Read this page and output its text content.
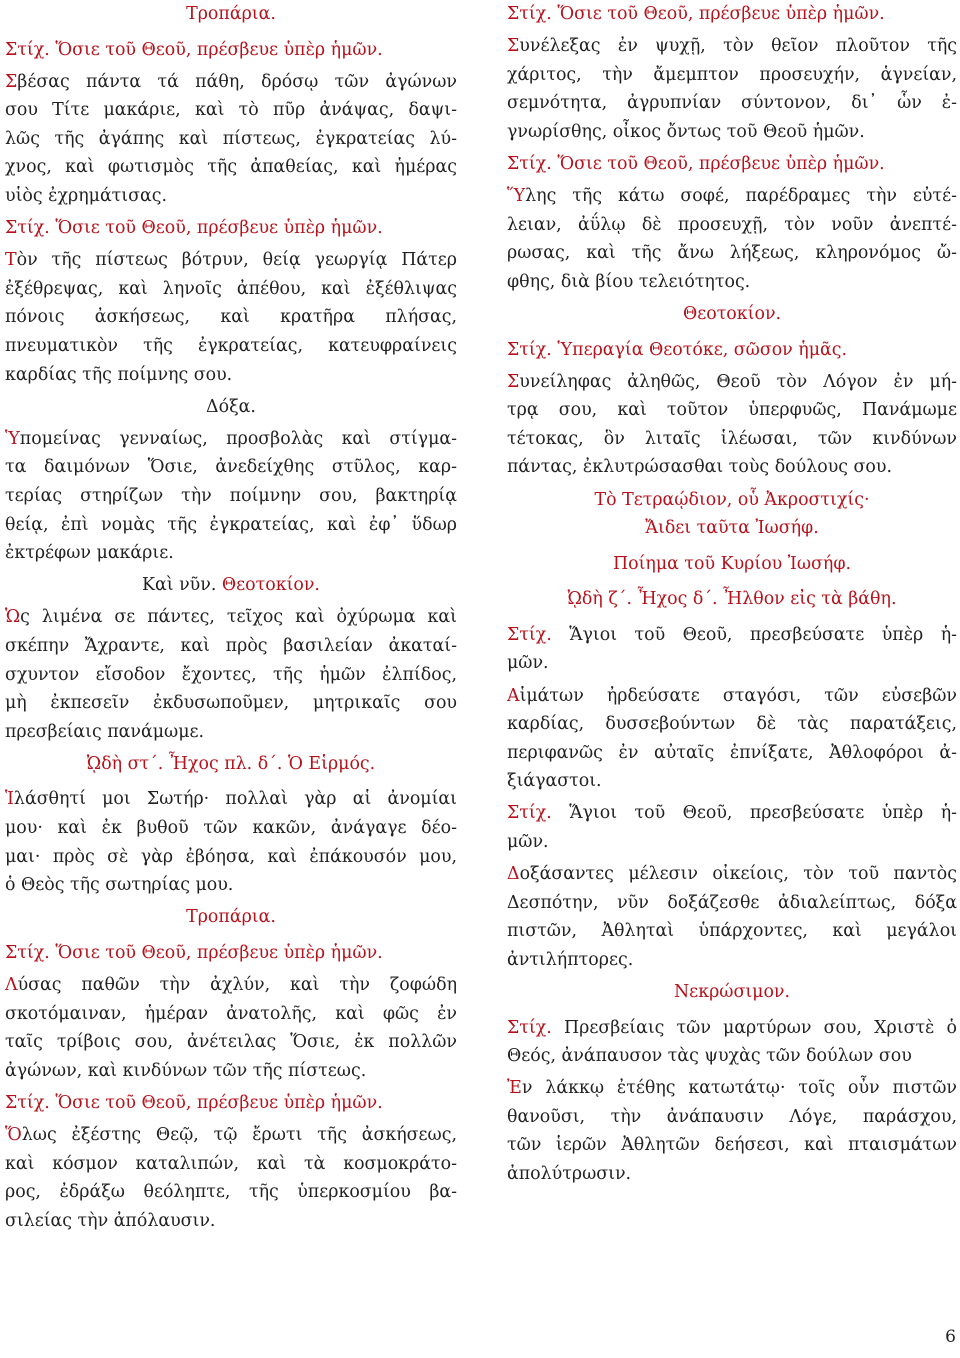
Τροπάρια.
Στίχ. Ὅσιε τοῦ Θεοῦ, πρέσβευε ὑπὲρ ἡμῶν.
Σβέσας πάντα τά πάθη, δρόσῳ τῶν ἀγώνων
σου Τίτε μακάριε, καὶ τὸ πῦρ ἀνάψας, δαψι-
λῶς τῆς ἀγάπης καὶ πίστεως, ἐγκρατείας λύ-
χνος, καὶ φωτισμὸς τῆς ἀπαθείας, καὶ ἡμέρας
υἱὸς ἐχρημάτισας.
Στίχ. Ὅσιε τοῦ Θεοῦ, πρέσβευε ὑπὲρ ἡμῶν.
Τὸν τῆς πίστεως βότρυν, θείᾳ γεωργίᾳ Πάτερ
ἐξέθρεψας, καὶ ληνοῖς ἀπέθου, καὶ ἐξέθλιψας
πόνοις ἀσκήσεως, καὶ κρατῆρα πλήσας,
πνευματικὸν τῆς ἐγκρατείας, κατευφραίνεις
καρδίας τῆς ποίμνης σου.
Δόξα.
Ὑπομείνας γενναίως, προσβολὰς καὶ στίγμα-
τα δαιμόνων Ὅσιε, ἀνεδείχθης στῦλος, καρ-
τερίας στηρίζων τὴν ποίμνην σου, βακτηρίᾳ
θείᾳ, ἐπὶ νομὰς τῆς ἐγκρατείας, καὶ ἐφ᾽ ὕδωρ
ἐκτρέφων μακάριε.
Καὶ νῦν. Θεοτοκίον.
Ὡς λιμένα σε πάντες, τεῖχος καὶ ὀχύρωμα καὶ
σκέπην Ἄχραντε, καὶ πρὸς βασιλείαν ἀκαταί-
σχυντον εἴσοδον ἔχοντες, τῆς ἡμῶν ἐλπίδος,
μὴ ἐκπεσεῖν ἐκδυσωποῦμεν, μητρικαῖς σου
πρεσβείαις πανάμωμε.
ᾨδὴ στ΄. Ἦχος πλ. δ΄. Ὁ Εἱρμός.
Ἱλάσθητί μοι Σωτήρ· πολλαὶ γὰρ αἱ ἀνομίαι
μου· καὶ ἐκ βυθοῦ τῶν κακῶν, ἀνάγαγε δέο-
μαι· πρὸς σὲ γὰρ ἐβόησα, καὶ ἐπάκουσόν μου,
ὁ Θεὸς τῆς σωτηρίας μου.
Τροπάρια.
Στίχ. Ὅσιε τοῦ Θεοῦ, πρέσβευε ὑπὲρ ἡμῶν.
Λύσας παθῶν τὴν ἀχλύν, καὶ τὴν ζοφώδη
σκοτόμαιναν, ἡμέραν ἀνατολῆς, καὶ φῶς ἐν
ταῖς τρίβοις σου, ἀνέτειλας Ὅσιε, ἐκ πολλῶν
ἀγώνων, καὶ κινδύνων τῶν τῆς πίστεως.
Στίχ. Ὅσιε τοῦ Θεοῦ, πρέσβευε ὑπὲρ ἡμῶν.
Ὅλως ἐξέστης Θεῷ, τῷ ἔρωτι τῆς ἀσκήσεως,
καὶ κόσμον καταλιπών, καὶ τὰ κοσμοκράτο-
ρος, ἐδράξω θεόληπτε, τῆς ὑπερκοσμίου βα-
σιλείας τὴν ἀπόλαυσιν.
Στίχ. Ὅσιε τοῦ Θεοῦ, πρέσβευε ὑπὲρ ἡμῶν.
Συνέλεξας ἐν ψυχῇ, τὸν θεῖον πλοῦτον τῆς
χάριτος, τὴν ἄμεμπτον προσευχήν, ἁγνείαν,
σεμνότητα, ἀγρυπνίαν σύντονον, δι᾽ ὧν ἐ-
γνωρίσθης, οἶκος ὄντως τοῦ Θεοῦ ἡμῶν.
Στίχ. Ὅσιε τοῦ Θεοῦ, πρέσβευε ὑπὲρ ἡμῶν.
Ὕλης τῆς κάτω σοφέ, παρέδραμες τὴν εὐτέ-
λειαν, ἀΰλῳ δὲ προσευχῇ, τὸν νοῦν ἀνεπτέ-
ρωσας, καὶ τῆς ἄνω λήξεως, κληρονόμος ὤ-
φθης, διὰ βίου τελειότητος.
Θεοτοκίον.
Στίχ. Ὑπεραγία Θεοτόκε, σῶσον ἡμᾶς.
Συνείληφας ἀληθῶς, Θεοῦ τὸν Λόγον ἐν μή-
τρᾳ σου, καὶ τοῦτον ὑπερφυῶς, Πανάμωμε
τέτοκας, ὃν λιταῖς ἱλέωσαι, τῶν κινδύνων
πάντας, ἐκλυτρώσασθαι τοὺς δούλους σου.
Τὸ Τετραῴδιον, οὗ Ἀκροστιχίς·
Ἄιδει ταῦτα Ἰωσήφ.
Ποίημα τοῦ Κυρίου Ἰωσήφ.
ᾨδὴ ζ΄. Ἦχος δ΄. Ἦλθον εἰς τὰ βάθη.
Στίχ. Ἅγιοι τοῦ Θεοῦ, πρεσβεύσατε ὑπὲρ ἡ-
μῶν.
Αἱμάτων ἠρδεύσατε σταγόσι, τῶν εὐσεβῶν
καρδίας, δυσσεβούντων δὲ τὰς παρατάξεις,
περιφανῶς ἐν αὐταῖς ἐπνίξατε, Ἀθλοφόροι ἀ-
ξιάγαστοι.
Στίχ. Ἅγιοι τοῦ Θεοῦ, πρεσβεύσατε ὑπὲρ ἡ-
μῶν.
Δοξάσαντες μέλεσιν οἰκείοις, τὸν τοῦ παντὸς
Δεσπότην, νῦν δοξάζεσθε ἀδιαλείπτως, δόξα
πιστῶν, Ἀθληταὶ ὑπάρχοντες, καὶ μεγάλοι
ἀντιλήπτορες.
Νεκρώσιμον.
Στίχ. Πρεσβείαις τῶν μαρτύρων σου, Χριστὲ ὁ
Θεός, ἀνάπαυσον τὰς ψυχὰς τῶν δούλων σου
Ἐν λάκκῳ ἐτέθης κατωτάτῳ· τοῖς οὖν πιστῶν
θανοῦσι, τὴν ἀνάπαυσιν Λόγε, παράσχου,
τῶν ἱερῶν Ἀθλητῶν δεήσεσι, καὶ πταισμάτων
ἀπολύτρωσιν.
6
